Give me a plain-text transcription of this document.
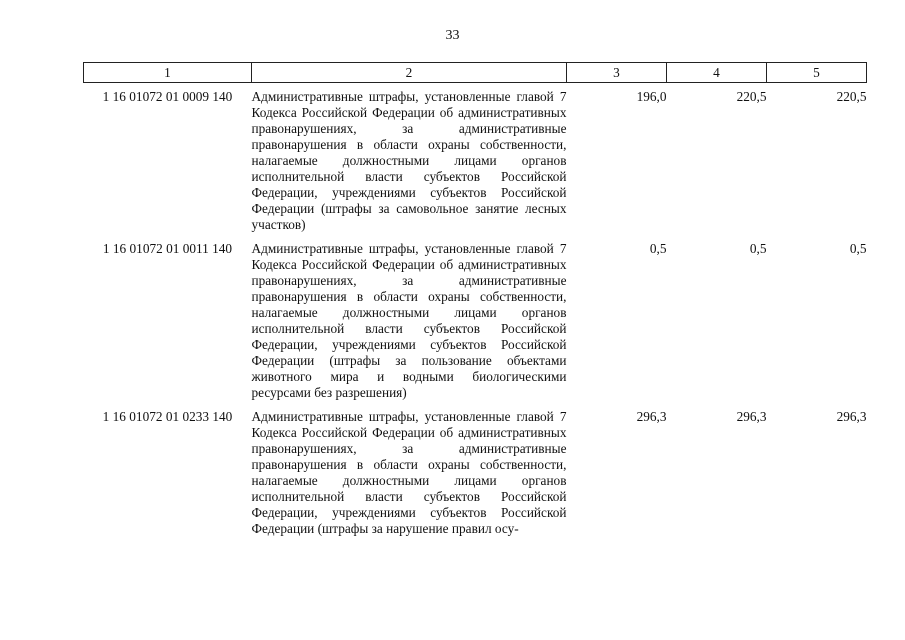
33
1	2	3	4	5
1 16 01072 01 0009 140	Административные штрафы, установленные главой 7 Кодекса Российской Федерации об административных правонарушениях, за административные правонарушения в области охраны собственности, налагаемые должностными лицами органов исполнительной власти субъектов Российской Федерации, учреждениями субъектов Российской Федерации (штрафы за самовольное занятие лесных участков)	196,0	220,5	220,5
1 16 01072 01 0011 140	Административные штрафы, установленные главой 7 Кодекса Российской Федерации об административных правонарушениях, за административные правонарушения в области охраны собственности, налагаемые должностными лицами органов исполнительной власти субъектов Российской Федерации, учреждениями субъектов Российской Федерации (штрафы за пользование объектами животного мира и водными биологическими ресурсами без разрешения)	0,5	0,5	0,5
1 16 01072 01 0233 140	Административные штрафы, установленные главой 7 Кодекса Российской Федерации об административных правонарушениях, за административные правонарушения в области охраны собственности, налагаемые должностными лицами органов исполнительной власти субъектов Российской Федерации, учреждениями субъектов Российской Федерации (штрафы за нарушение правил осу-	296,3	296,3	296,3
